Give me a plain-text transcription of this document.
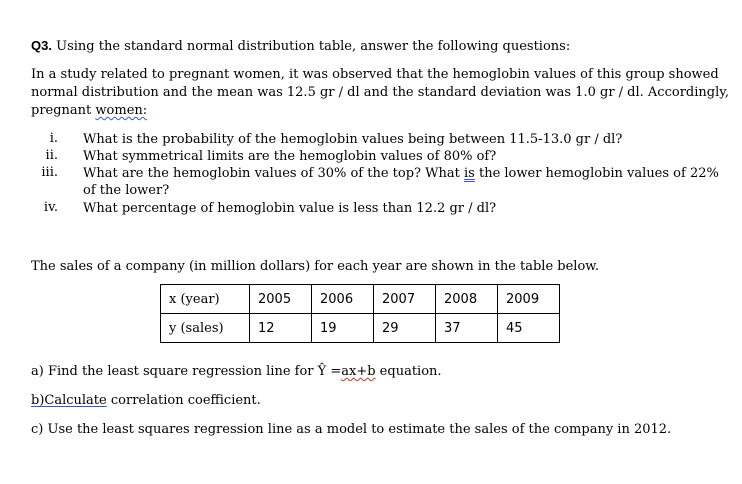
Q3. Using the standard normal distribution table, answer the following questions:
In a study related to pregnant women, it was observed that the hemoglobin values of this group showed
normal distribution and the mean was 12.5 gr / dl and the standard deviation was 1.0 gr / dl. Accordingly,
pregnant women:
i. What is the probability of the hemoglobin values being between 11.5-13.0 gr / dl?
ii. What symmetrical limits are the hemoglobin values of 80% of?
iii. What are the hemoglobin values of 30% of the top? What is the lower hemoglobin values of 22%
of the lower?
iv. What percentage of hemoglobin value is less than 12.2 gr / dl?
The sales of a company (in million dollars) for each year are shown in the table below.
x (year)	2005	2006	2007	2008	2009
y (sales)	12	19	29	37	45
a) Find the least square regression line for Ŷ =ax+b equation.
b)Calculate correlation coefficient.
c) Use the least squares regression line as a model to estimate the sales of the company in 2012.
